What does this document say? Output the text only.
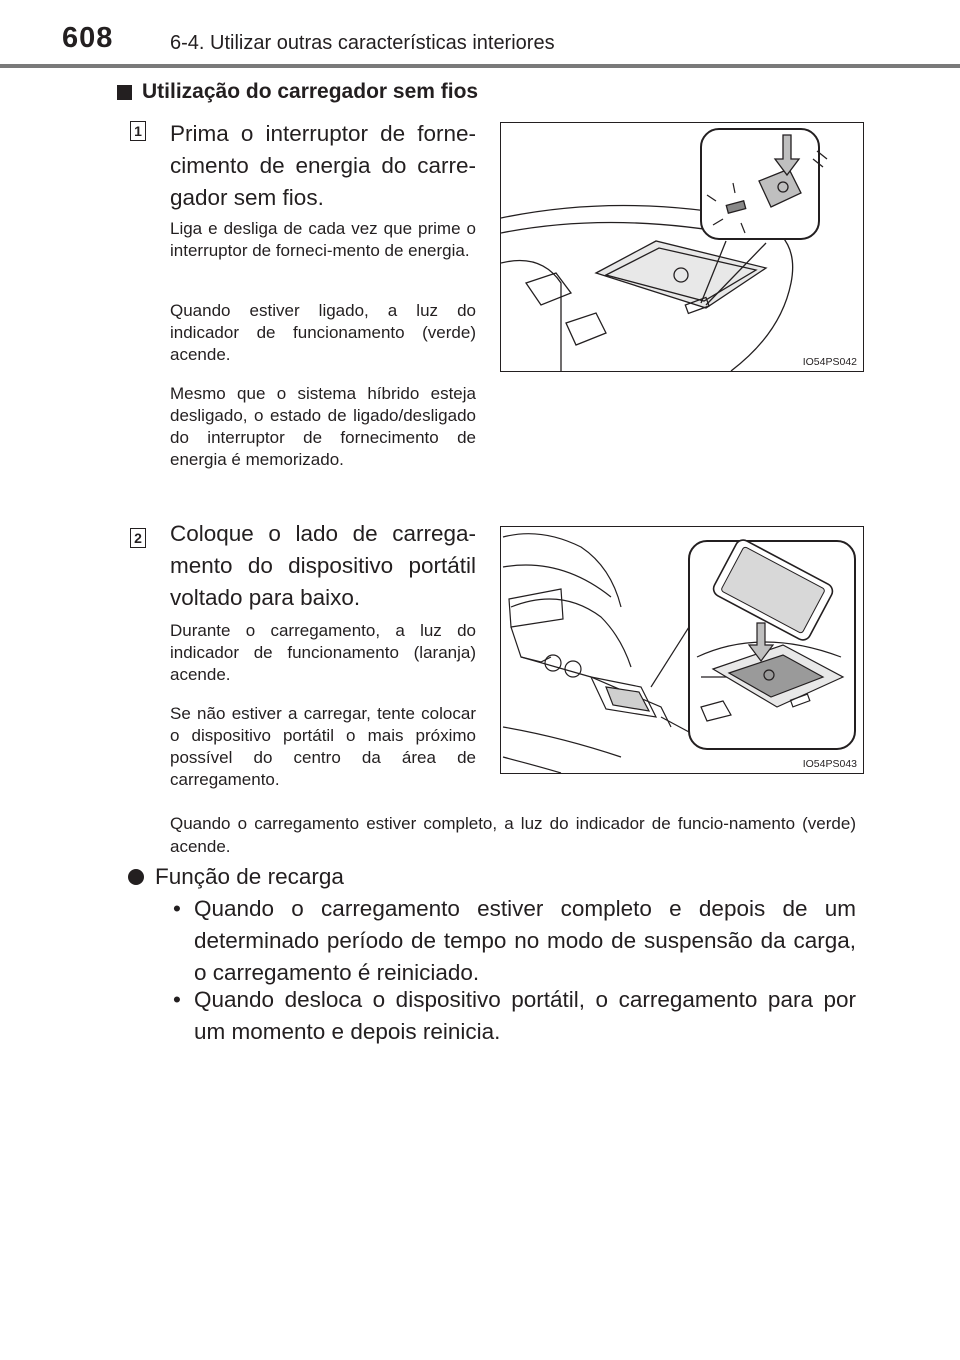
608	6-4. Utilizar outras características interiores
Utilização do carregador sem fios
1 Prima o interruptor de forne-cimento de energia do carre-gador sem fios.
Liga e desliga de cada vez que prime o interruptor de forneci-mento de energia.
Quando estiver ligado, a luz do indicador de funcionamento (verde) acende.
Mesmo que o sistema híbrido esteja desligado, o estado de ligado/desligado do interruptor de fornecimento de energia é memorizado.
IO54PS042
2 Coloque o lado de carrega-mento do dispositivo portátil voltado para baixo.
Durante o carregamento, a luz do indicador de funcionamento (laranja) acende.
Se não estiver a carregar, tente colocar o dispositivo portátil o mais próximo possível do centro da área de carregamento.
IO54PS043
Quando o carregamento estiver completo, a luz do indicador de funcio-namento (verde) acende.
Função de recarga
• Quando o carregamento estiver completo e depois de um determinado período de tempo no modo de suspensão da carga, o carregamento é reiniciado.
• Quando desloca o dispositivo portátil, o carregamento para por um momento e depois reinicia.
